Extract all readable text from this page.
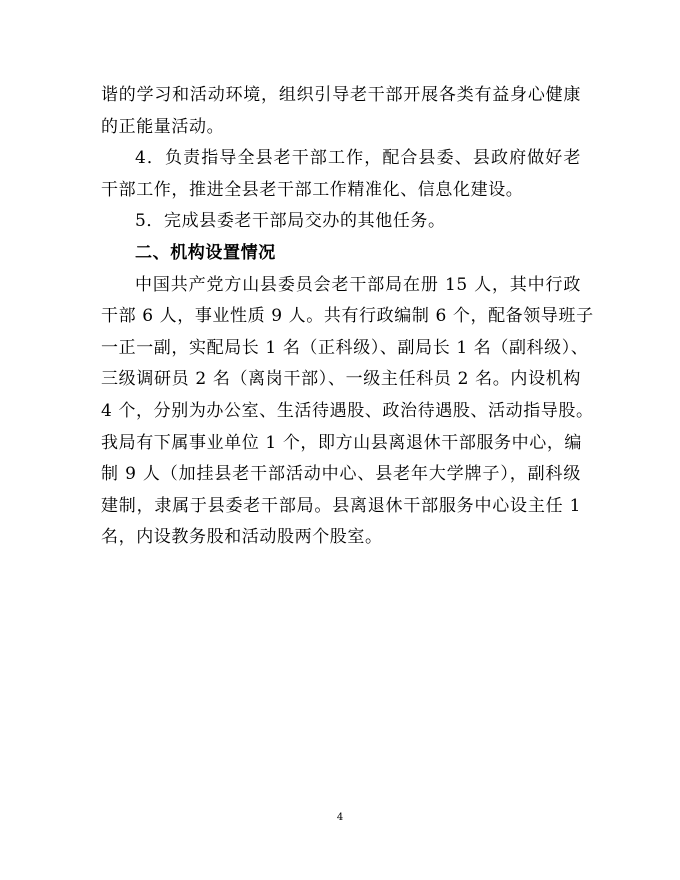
谐的学习和活动环境，组织引导老干部开展各类有益身心健康
的正能量活动。
4．负责指导全县老干部工作，配合县委、县政府做好老
干部工作，推进全县老干部工作精准化、信息化建设。
5．完成县委老干部局交办的其他任务。
二、机构设置情况
中国共产党方山县委员会老干部局在册 15 人，其中行政
干部 6 人，事业性质 9 人。共有行政编制 6 个，配备领导班子
一正一副，实配局长 1 名（正科级）、副局长 1 名（副科级）、
三级调研员 2 名（离岗干部）、一级主任科员 2 名。内设机构
4 个，分别为办公室、生活待遇股、政治待遇股、活动指导股。
我局有下属事业单位 1 个，即方山县离退休干部服务中心，编
制 9 人（加挂县老干部活动中心、县老年大学牌子），副科级
建制，隶属于县委老干部局。县离退休干部服务中心设主任 1
名，内设教务股和活动股两个股室。
4
